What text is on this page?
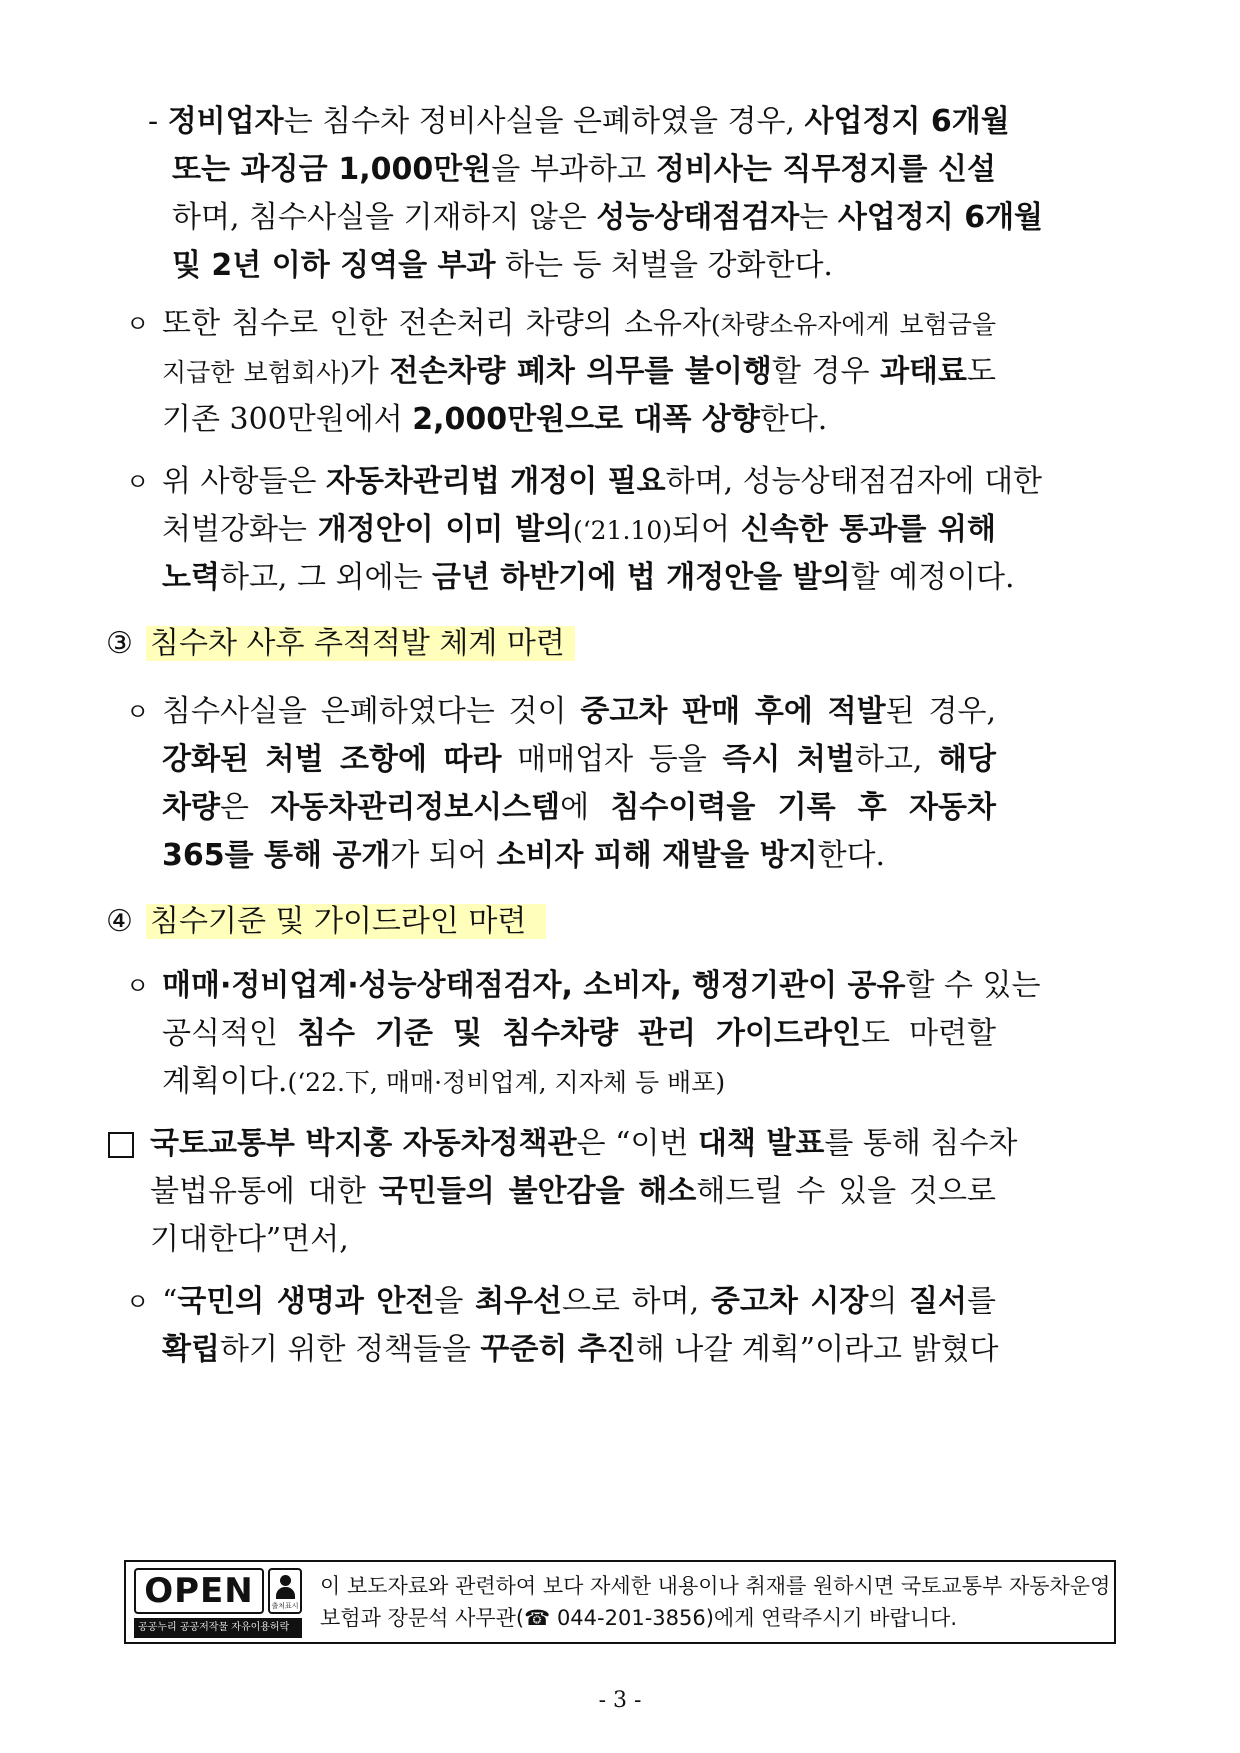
- 정비업자는 침수차 정비사실을 은폐하였을 경우, 사업정지 6개월
또는 과징금 1,000만원을 부과하고 정비사는 직무정지를 신설
하며, 침수사실을 기재하지 않은 성능상태점검자는 사업정지 6개월
및 2년 이하 징역을 부과 하는 등 처벌을 강화한다.
ㅇ 또한 침수로 인한 전손처리 차량의 소유자(차량소유자에게 보험금을
지급한 보험회사)가 전손차량 폐차 의무를 불이행할 경우 과태료도
기존 300만원에서 2,000만원으로 대폭 상향한다.
ㅇ 위 사항들은 자동차관리법 개정이 필요하며, 성능상태점검자에 대한
처벌강화는 개정안이 이미 발의(‘21.10)되어 신속한 통과를 위해
노력하고, 그 외에는 금년 하반기에 법 개정안을 발의할 예정이다.
③ 침수차 사후 추적적발 체계 마련
ㅇ 침수사실을 은폐하였다는 것이 중고차 판매 후에 적발된 경우,
강화된 처벌 조항에 따라 매매업자 등을 즉시 처벌하고, 해당
차량은 자동차관리정보시스템에 침수이력을 기록 후 자동차
365를 통해 공개가 되어 소비자 피해 재발을 방지한다.
④ 침수기준 및 가이드라인 마련
ㅇ 매매·정비업계·성능상태점검자, 소비자, 행정기관이 공유할 수 있는
공식적인 침수 기준 및 침수차량 관리 가이드라인도 마련할
계획이다.(‘22.下, 매매·정비업계, 지자체 등 배포)
국토교통부 박지홍 자동차정책관은 “이번 대책 발표를 통해 침수차
불법유통에 대한 국민들의 불안감을 해소해드릴 수 있을 것으로
기대한다”면서,
ㅇ “국민의 생명과 안전을 최우선으로 하며, 중고차 시장의 질서를
확립하기 위한 정책들을 꾸준히 추진해 나갈 계획”이라고 밝혔다
OPEN	출처표시
공공누리 공공저작물 자유이용허락
이 보도자료와 관련하여 보다 자세한 내용이나 취재를 원하시면 국토교통부 자동차운영
보험과 장문석 사무관(☎ 044-201-3856)에게 연락주시기 바랍니다.
- 3 -
